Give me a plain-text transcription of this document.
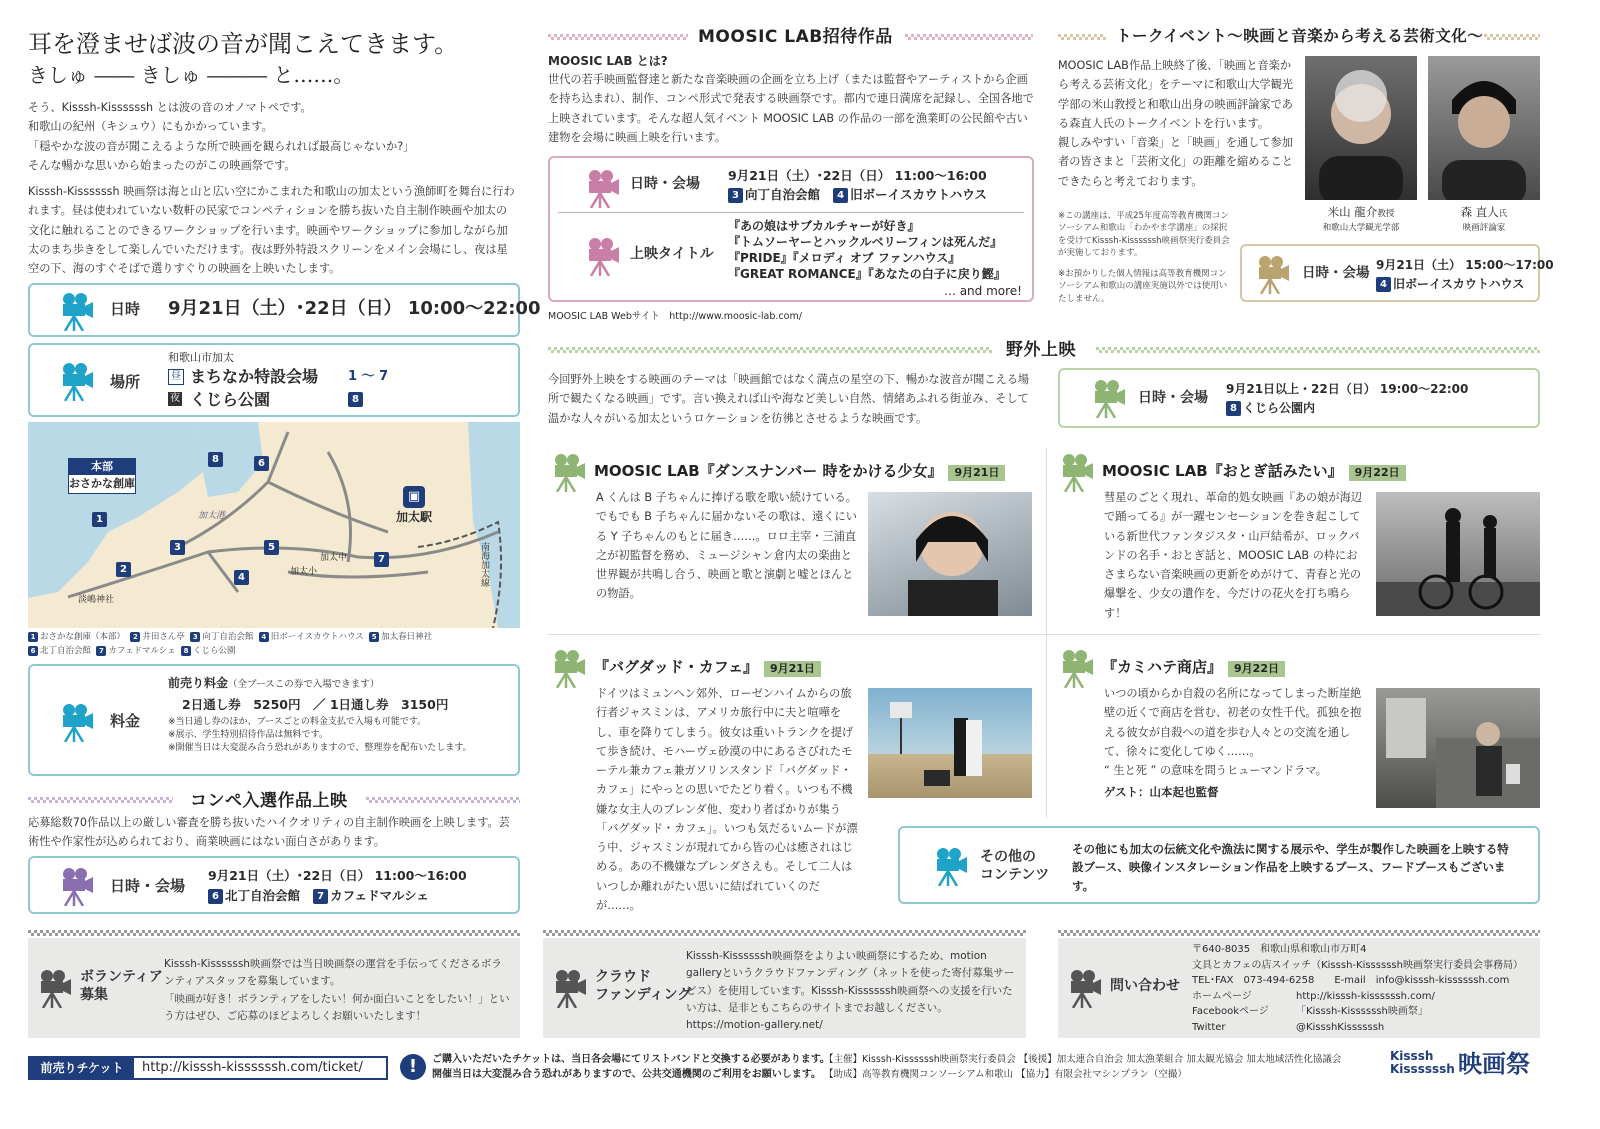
耳を澄ませば波の音が聞こえてきます。
きしゅ ―― きしゅ ――― と……。
そう、Kisssh-Kissssssh とは波の音のオノマトペです。
和歌山の紀州（キシュウ）にもかかっています。
「穏やかな波の音が聞こえるような所で映画を観られれば最高じゃないか?」
そんな暢かな思いから始まったのがこの映画祭です。
Kisssh-Kissssssh 映画祭は海と山と広い空にかこまれた和歌山の加太という漁師町を舞台に行われます。昼は使われていない数軒の民家でコンペティションを勝ち抜いた自主制作映画や加太の文化に触れることのできるワークショップを行います。映画やワークショップに参加しながら加太のまち歩きをして楽しんでいただけます。夜は野外特設スクリーンをメイン会場にし、夜は星空の下、海のすぐそばで選りすぐりの映画を上映いたします。
日時 9月21日（土）･22日（日） 10:00〜22:00
場所
和歌山市加太
昼 まちなか特設会場 1 〜 7
夜 くじら公園	8
本部
おさかな創庫
▣
加太駅
加太港
淡嶋神社
加太中
加太小	南海加太線
1
2
3
4
5
6
7
8
1 おさかな創庫（本部） 2 井田さん亭 3 向丁自治会館 4 旧ボーイスカウトハウス 5 加太春日神社
6 北丁自治会館 7 カフェドマルシェ 8 くじら公園
料金
前売り料金（全ブースこの券で入場できます）
2日通し券　5250円　／ 1日通し券　3150円
※当日通し券のほか、ブースごとの料金支払で入場も可能です。
※展示、学生特別招待作品は無料です。
※開催当日は大変混み合う恐れがありますので、整理券を配布いたします。
コンペ入選作品上映
応募総数70作品以上の厳しい審査を勝ち抜いたハイクオリティの自主制作映画を上映します。芸術性や作家性が込められており、商業映画にはない面白さがあります。
日時・会場
9月21日（土）･22日（日） 11:00〜16:00
6 北丁自治会館 7 カフェドマルシェ
MOOSIC LAB招待作品
MOOSIC LAB とは?
世代の若手映画監督達と新たな音楽映画の企画を立ち上げ（または監督やアーティストから企画を持ち込まれ）、制作、コンペ形式で発表する映画祭です。都内で連日満席を記録し、全国各地で上映されています。そんな超人気イベント MOOSIC LAB の作品の一部を漁業町の公民館や古い建物を会場に映画上映を行います。
日時・会場
9月21日（土）･22日（日） 11:00〜16:00
3 向丁自治会館 4 旧ボーイスカウトハウス
上映タイトル
『あの娘はサブカルチャーが好き』
『トムソーヤーとハックルベリーフィンは死んだ』
『PRIDE』『メロディ オブ ファンハウス』
『GREAT ROMANCE』『あなたの白子に戻り鰹』
… and more!
MOOSIC LAB Webサイト　http://www.moosic-lab.com/
トークイベント〜映画と音楽から考える芸術文化〜
MOOSIC LAB作品上映終了後、「映画と音楽から考える芸術文化」をテーマに和歌山大学観光学部の米山教授と和歌山出身の映画評論家である森直人氏のトークイベントを行います。
親しみやすい「音楽」と「映画」を通して参加者の皆さまと「芸術文化」の距離を縮めることできたらと考えております。
※この講座は、平成25年度高等教育機関コンソーシアム和歌山「わかやま学講座」の採択を受けてKisssh-Kissssssh映画祭実行委員会が実施しております。
※お預かりした個人情報は高等教育機関コンソーシアム和歌山の講座実施以外では使用いたしません。
米山 龍介教授
和歌山大学観光学部
森 直人氏
映画評論家
日時・会場 9月21日（土） 15:00〜17:00
4 旧ボーイスカウトハウス
野外上映
今回野外上映をする映画のテーマは「映画館ではなく満点の星空の下、暢かな波音が聞こえる場所で観たくなる映画」です。言い換えれば山や海など美しい自然、情緒あふれる街並み、そして温かな人々がいる加太というロケーションを彷彿とさせるような映画です。
日時・会場
9月21日以上・22日（日） 19:00〜22:00
8 くじら公園内
MOOSIC LAB『ダンスナンバー 時をかける少女』 9月21日
A くんは B 子ちゃんに捧げる歌を歌い続けている。でもでも B 子ちゃんに届かないその歌は、遠くにいる Y 子ちゃんのもとに届き……。ロロ主宰・三浦直之が初監督を務め、ミュージシャン倉内太の楽曲と世界観が共鳴し合う、映画と歌と演劇と嘘とほんとの物語。
MOOSIC LAB『おとぎ話みたい』 9月22日
彗星のごとく現れ、革命的処女映画『あの娘が海辺で踊ってる』が一躍センセーションを巻き起こしている新世代ファンタジスタ・山戸結希が、ロックバンドの名手・おとぎ話と、MOOSIC LAB の枠におさまらない音楽映画の更新をめがけて、青春と光の爆撃を、少女の遺作を、今だけの花火を打ち鳴らす！
『バグダッド・カフェ』 9月21日
ドイツはミュンヘン郊外、ローゼンハイムからの旅行者ジャスミンは、アメリカ旅行中に夫と喧嘩をし、車を降りてしまう。彼女は重いトランクを提げて歩き続け、モハーヴェ砂漠の中にあるさびれたモーテル兼カフェ兼ガソリンスタンド「バグダッド・カフェ」にやっとの思いでたどり着く。いつも不機嫌な女主人のブレンダ他、変わり者ばかりが集う「バグダッド・カフェ」。いつも気だるいムードが漂う中、ジャスミンが現れてから皆の心は癒されはじめる。あの不機嫌なブレンダさえも。そして二人はいつしか離れがたい思いに結ばれていくのだが……。
『カミハテ商店』 9月22日
いつの頃からか自殺の名所になってしまった断崖絶壁の近くで商店を営む、初老の女性千代。孤独を抱える彼女が自殺への道を歩む人々との交流を通して、徐々に変化してゆく……。
“ 生と死 ” の意味を問うヒューマンドラマ。
ゲスト：山本起也監督
その他の
コンテンツ
その他にも加太の伝統文化や漁法に関する展示や、学生が製作した映画を上映する特設ブース、映像インスタレーション作品を上映するブース、フードブースもございます。
ボランティア
募集
Kisssh-Kissssssh映画祭では当日映画祭の運営を手伝ってくださるボランティアスタッフを募集しています。
「映画が好き！ボランティアをしたい！何か面白いことをしたい！」という方はぜひ、ご応募のほどよろしくお願いいたします！
クラウド
ファンディング
Kisssh-Kissssssh映画祭をよりよい映画祭にするため、motion galleryというクラウドファンディング（ネットを使った寄付募集サービス）を使用しています。Kisssh-Kissssssh映画祭への支援を行いたい方は、是非ともこちらのサイトまでお越しください。
https://motion-gallery.net/
問い合わせ
〒640-8035　和歌山県和歌山市万町4
文具とカフェの店スイッチ（Kisssh-Kissssssh映画祭実行委員会事務局）
TEL･FAX　073-494-6258　　E-mail　info@kisssh-kissssssh.com
ホームページ	http://kisssh-kissssssh.com/
Facebookページ	「Kisssh-Kissssssh映画祭」
Twitter	@KissshKissssssh
前売りチケット	http://kisssh-kissssssh.com/ticket/	!	ご購入いただいたチケットは、当日各会場にてリストバンドと交換する必要があります。
開催当日は大変混み合う恐れがありますので、公共交通機関のご利用をお願いします。
【主催】Kisssh-Kissssssh映画祭実行委員会 【後援】加太連合自治会 加太漁業組合 加太観光協会 加太地域活性化協議会
【助成】高等教育機関コンソーシアム和歌山 【協力】有限会社マシンプラン（空撮）
Kisssh
Kissssssh 映画祭
